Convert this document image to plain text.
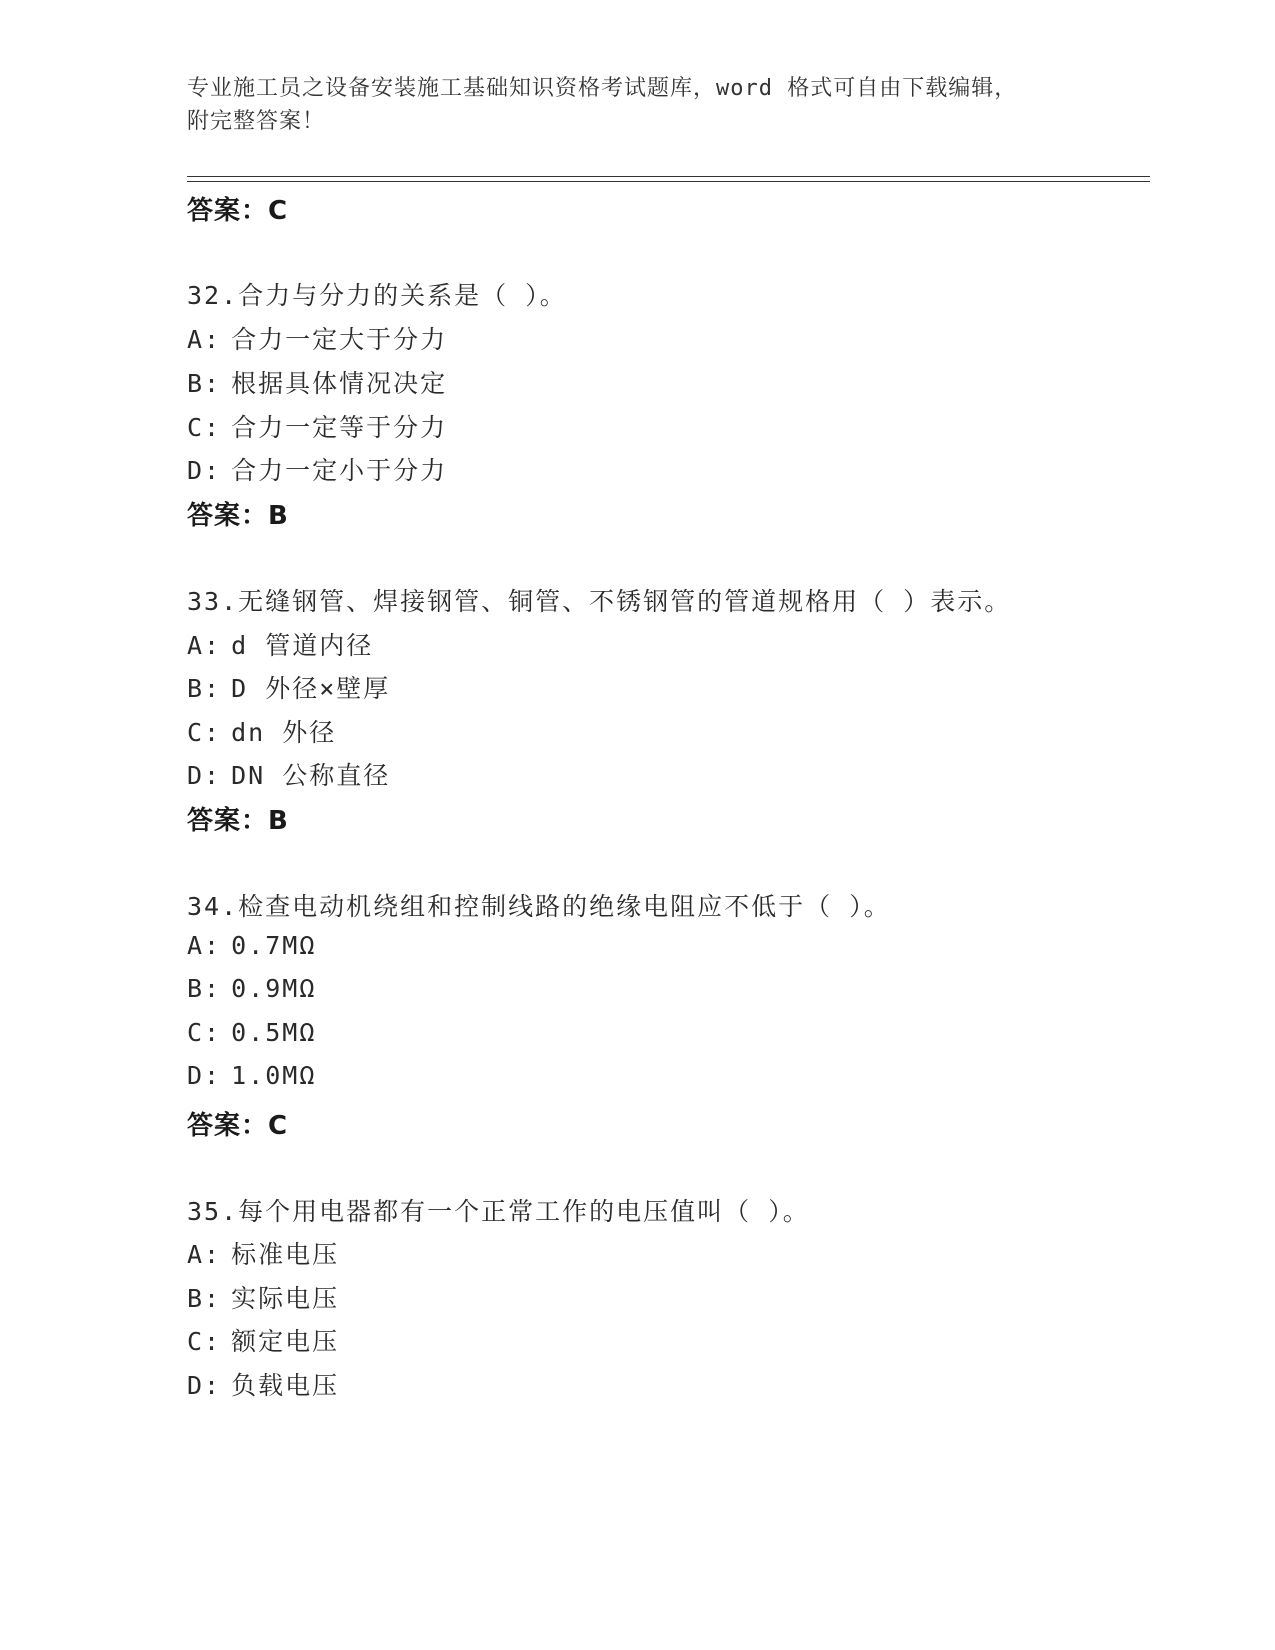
专业施工员之设备安装施工基础知识资格考试题库，word 格式可自由下载编辑，
附完整答案！
答案：C
32.合力与分力的关系是（ ）。
A: 合力一定大于分力
B: 根据具体情况决定
C: 合力一定等于分力
D: 合力一定小于分力
答案：B
33.无缝钢管、焊接钢管、铜管、不锈钢管的管道规格用（ ）表示。
A: d 管道内径
B: D 外径×壁厚
C: dn 外径
D: DN 公称直径
答案：B
34.检查电动机绕组和控制线路的绝缘电阻应不低于（ ）。
A: 0.7MΩ
B: 0.9MΩ
C: 0.5MΩ
D: 1.0MΩ
答案：C
35.每个用电器都有一个正常工作的电压值叫（ ）。
A: 标准电压
B: 实际电压
C: 额定电压
D: 负载电压
